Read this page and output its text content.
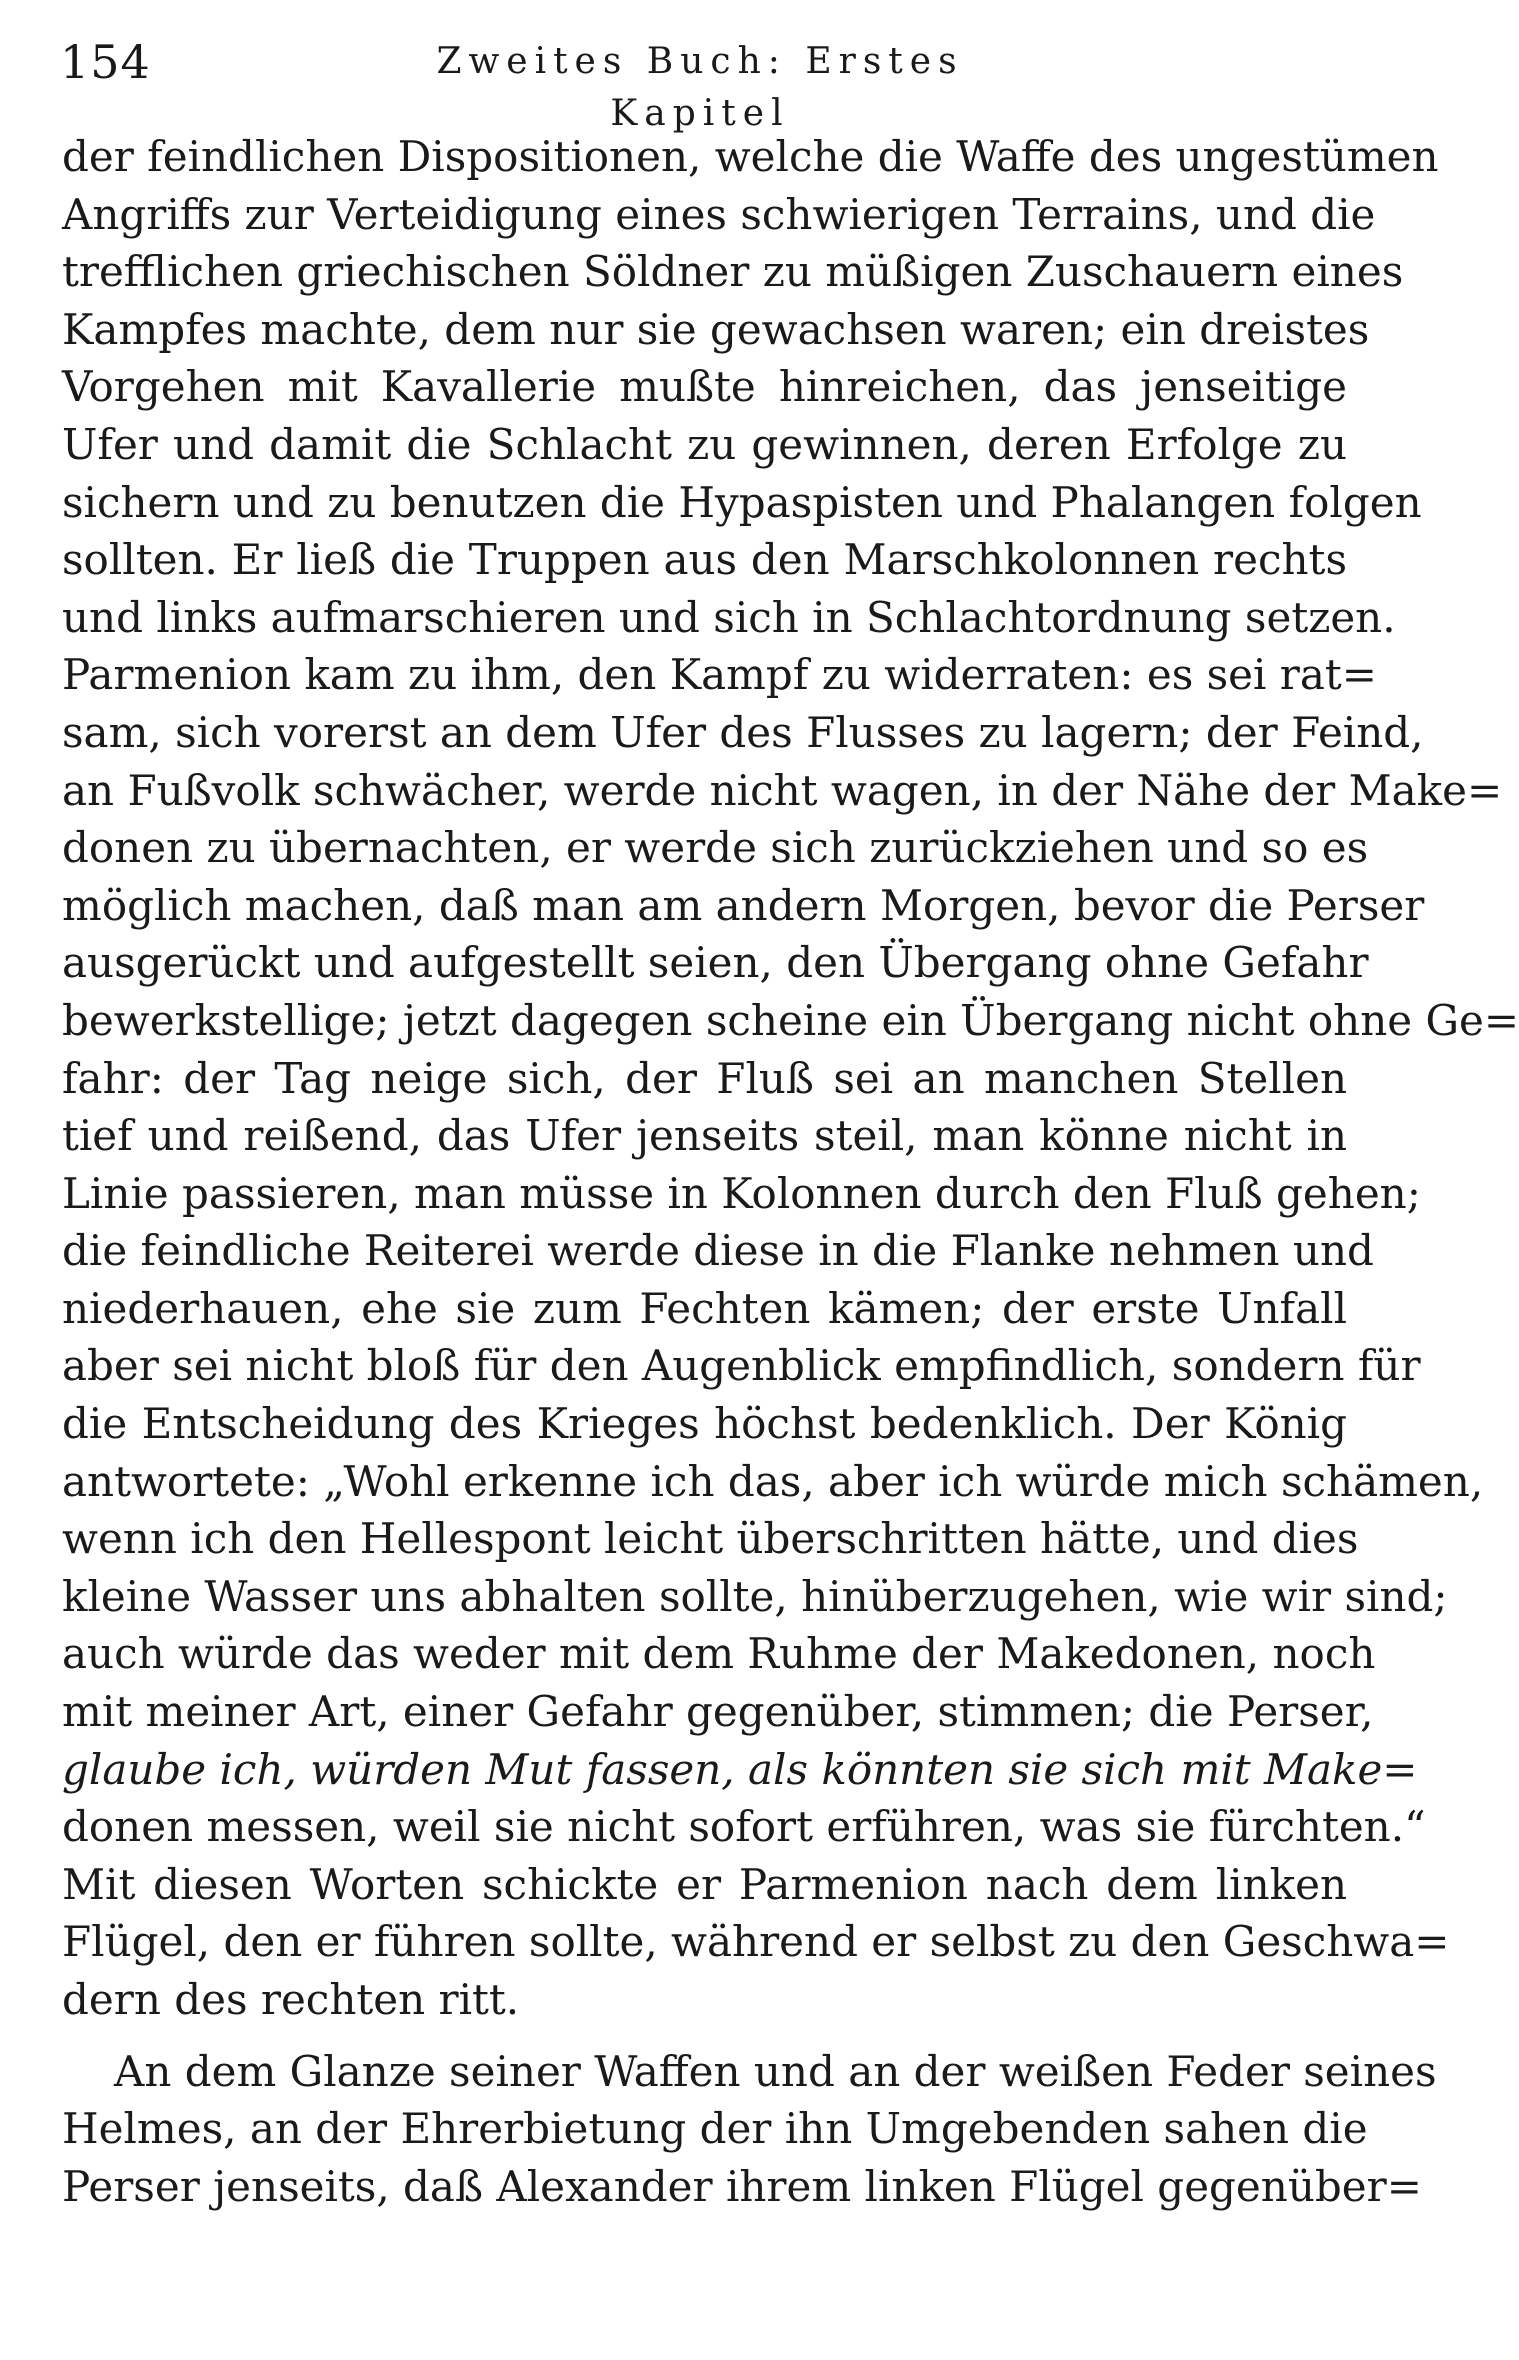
154	Zweites Buch: Erstes Kapitel
der feindlichen Dispositionen, welche die Waffe des ungestümen
Angriffs zur Verteidigung eines schwierigen Terrains, und die
trefflichen griechischen Söldner zu müßigen Zuschauern eines
Kampfes machte, dem nur sie gewachsen waren; ein dreistes
Vorgehen mit Kavallerie mußte hinreichen, das jenseitige
Ufer und damit die Schlacht zu gewinnen, deren Erfolge zu
sichern und zu benutzen die Hypaspisten und Phalangen folgen
sollten. Er ließ die Truppen aus den Marschkolonnen rechts
und links aufmarschieren und sich in Schlachtordnung setzen.
Parmenion kam zu ihm, den Kampf zu widerraten: es sei rat=
sam, sich vorerst an dem Ufer des Flusses zu lagern; der Feind,
an Fußvolk schwächer, werde nicht wagen, in der Nähe der Make=
donen zu übernachten, er werde sich zurückziehen und so es
möglich machen, daß man am andern Morgen, bevor die Perser
ausgerückt und aufgestellt seien, den Übergang ohne Gefahr
bewerkstellige; jetzt dagegen scheine ein Übergang nicht ohne Ge=
fahr: der Tag neige sich, der Fluß sei an manchen Stellen
tief und reißend, das Ufer jenseits steil, man könne nicht in
Linie passieren, man müsse in Kolonnen durch den Fluß gehen;
die feindliche Reiterei werde diese in die Flanke nehmen und
niederhauen, ehe sie zum Fechten kämen; der erste Unfall
aber sei nicht bloß für den Augenblick empfindlich, sondern für
die Entscheidung des Krieges höchst bedenklich. Der König
antwortete: „Wohl erkenne ich das, aber ich würde mich schämen,
wenn ich den Hellespont leicht überschritten hätte, und dies
kleine Wasser uns abhalten sollte, hinüberzugehen, wie wir sind;
auch würde das weder mit dem Ruhme der Makedonen, noch
mit meiner Art, einer Gefahr gegenüber, stimmen; die Perser,
glaube ich, würden Mut fassen, als könnten sie sich mit Make=
donen messen, weil sie nicht sofort erführen, was sie fürchten.“
Mit diesen Worten schickte er Parmenion nach dem linken
Flügel, den er führen sollte, während er selbst zu den Geschwa=
dern des rechten ritt.
An dem Glanze seiner Waffen und an der weißen Feder seines
Helmes, an der Ehrerbietung der ihn Umgebenden sahen die
Perser jenseits, daß Alexander ihrem linken Flügel gegenüber=
